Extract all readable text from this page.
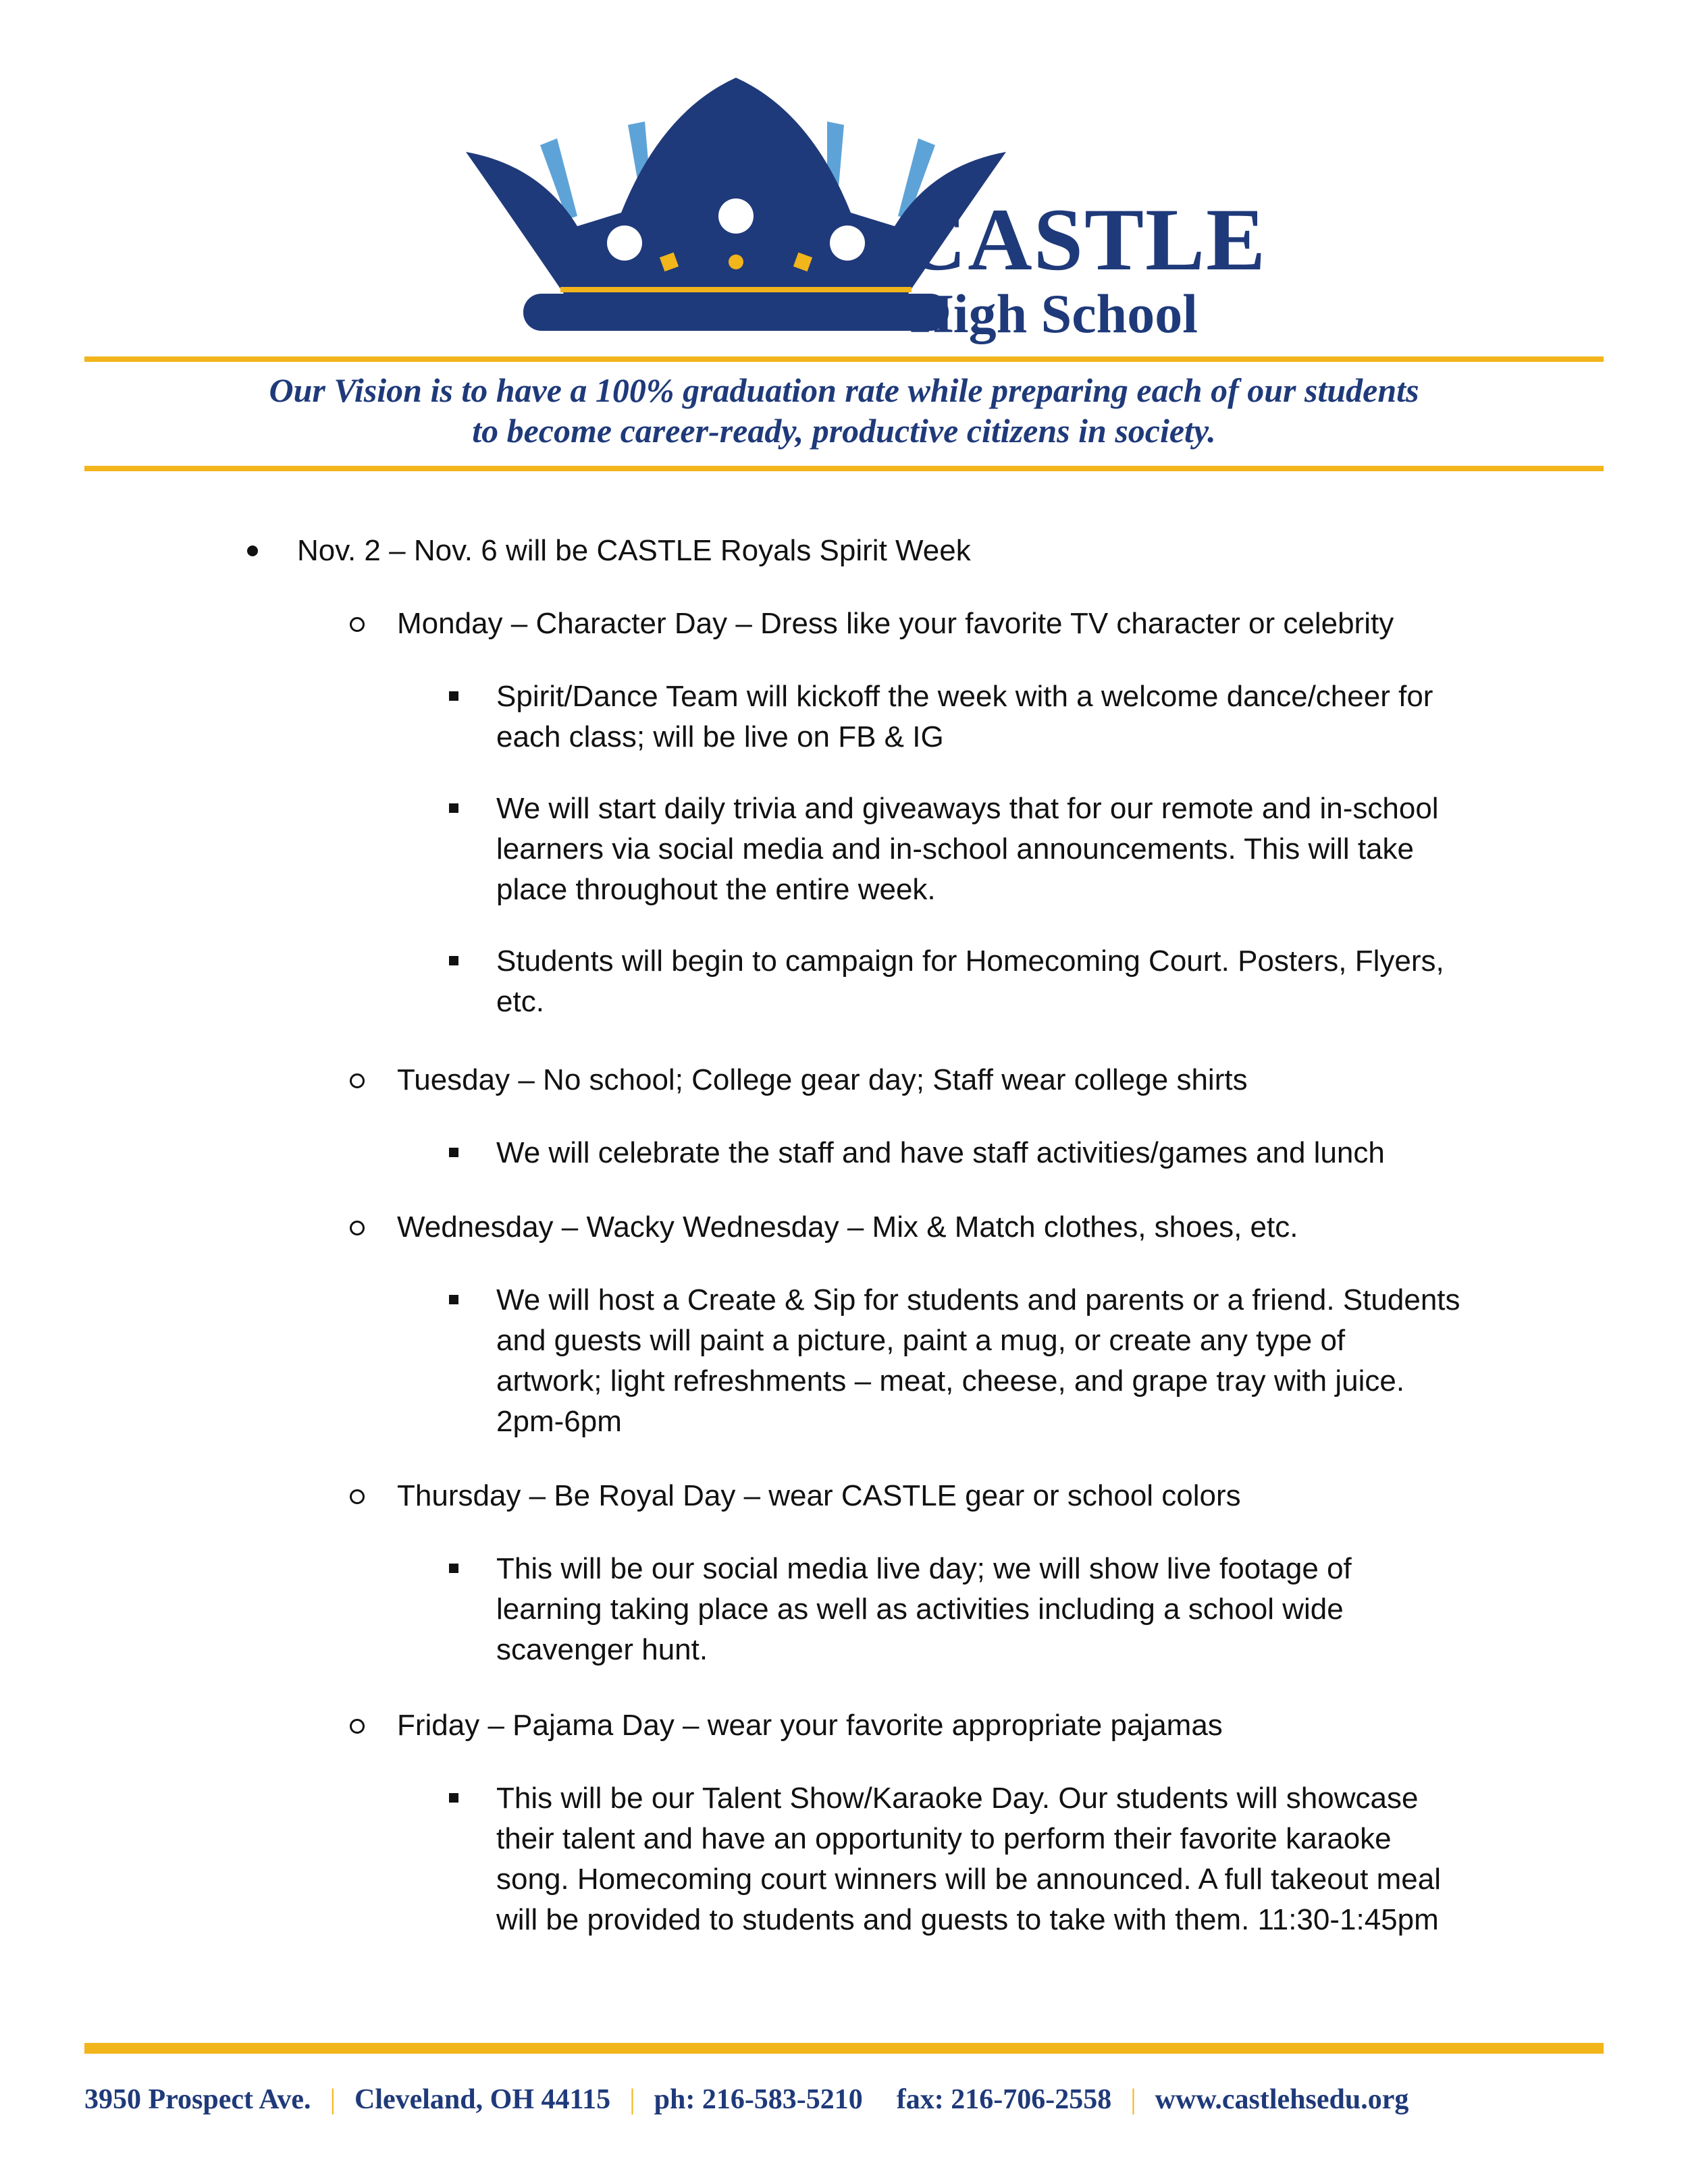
CASTLE
High School
Our Vision is to have a 100% graduation rate while preparing each of our students
to become career-ready, productive citizens in society.
Nov. 2 – Nov. 6 will be CASTLE Royals Spirit Week
Monday – Character Day – Dress like your favorite TV character or celebrity
Spirit/Dance Team will kickoff the week with a welcome dance/cheer for
each class; will be live on FB & IG
We will start daily trivia and giveaways that for our remote and in-school
learners via social media and in-school announcements. This will take
place throughout the entire week.
Students will begin to campaign for Homecoming Court. Posters, Flyers,
etc.
Tuesday – No school; College gear day; Staff wear college shirts
We will celebrate the staff and have staff activities/games and lunch
Wednesday – Wacky Wednesday – Mix & Match clothes, shoes, etc.
We will host a Create & Sip for students and parents or a friend. Students
and guests will paint a picture, paint a mug, or create any type of
artwork; light refreshments – meat, cheese, and grape tray with juice.
2pm-6pm
Thursday – Be Royal Day – wear CASTLE gear or school colors
This will be our social media live day; we will show live footage of
learning taking place as well as activities including a school wide
scavenger hunt.
Friday – Pajama Day – wear your favorite appropriate pajamas
This will be our Talent Show/Karaoke Day. Our students will showcase
their talent and have an opportunity to perform their favorite karaoke
song. Homecoming court winners will be announced. A full takeout meal
will be provided to students and guests to take with them. 11:30-1:45pm
3950 Prospect Ave. | Cleveland, OH 44115 | ph: 216-583-5210 fax: 216-706-2558 | www.castlehsedu.org
